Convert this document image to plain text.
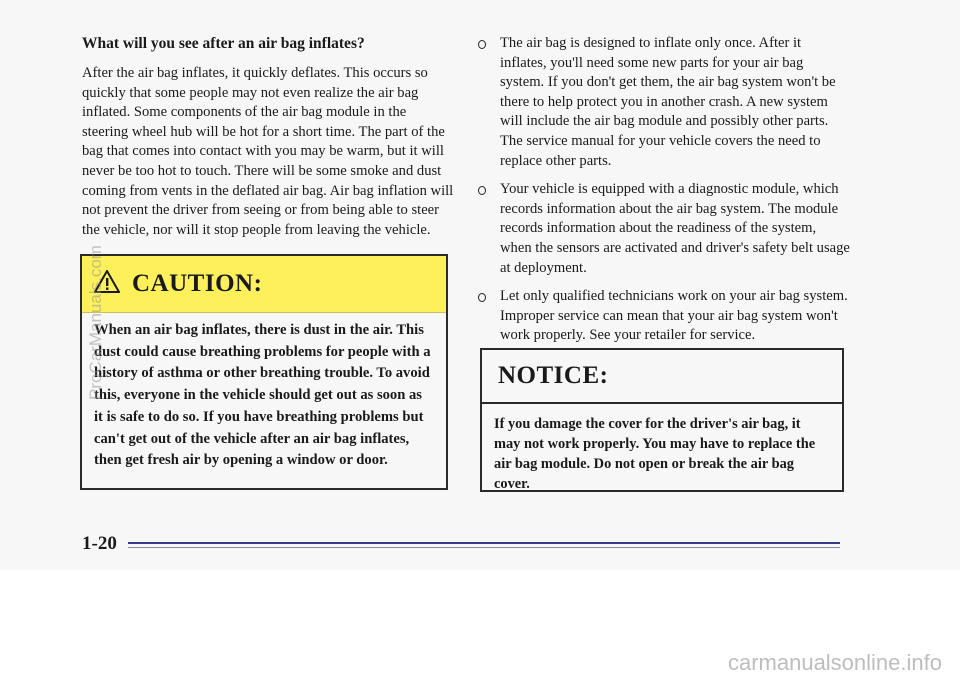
What will you see after an air bag inflates?

After the air bag inflates, it quickly deflates. This occurs so quickly that some people may not even realize the air bag inflated. Some components of the air bag module in the steering wheel hub will be hot for a short time. The part of the bag that comes into contact with you may be warm, but it will never be too hot to touch. There will be some smoke and dust coming from vents in the deflated air bag. Air bag inflation will not prevent the driver from seeing or from being able to steer the vehicle, nor will it stop people from leaving the vehicle.

CAUTION:

When an air bag inflates, there is dust in the air. This dust could cause breathing problems for people with a history of asthma or other breathing trouble. To avoid this, everyone in the vehicle should get out as soon as it is safe to do so. If you have breathing problems but can't get out of the vehicle after an air bag inflates, then get fresh air by opening a window or door.

The air bag is designed to inflate only once. After it inflates, you'll need some new parts for your air bag system. If you don't get them, the air bag system won't be there to help protect you in another crash. A new system will include the air bag module and possibly other parts. The service manual for your vehicle covers the need to replace other parts.
Your vehicle is equipped with a diagnostic module, which records information about the air bag system. The module records information about the readiness of the system, when the sensors are activated and driver's safety belt usage at deployment.
Let only qualified technicians work on your air bag system. Improper service can mean that your air bag system won't work properly. See your retailer for service.
NOTICE:

If you damage the cover for the driver's air bag, it may not work properly. You may have to replace the air bag module. Do not open or break the air bag cover.

1-20
ProCarManuals.com
carmanualsonline.info
